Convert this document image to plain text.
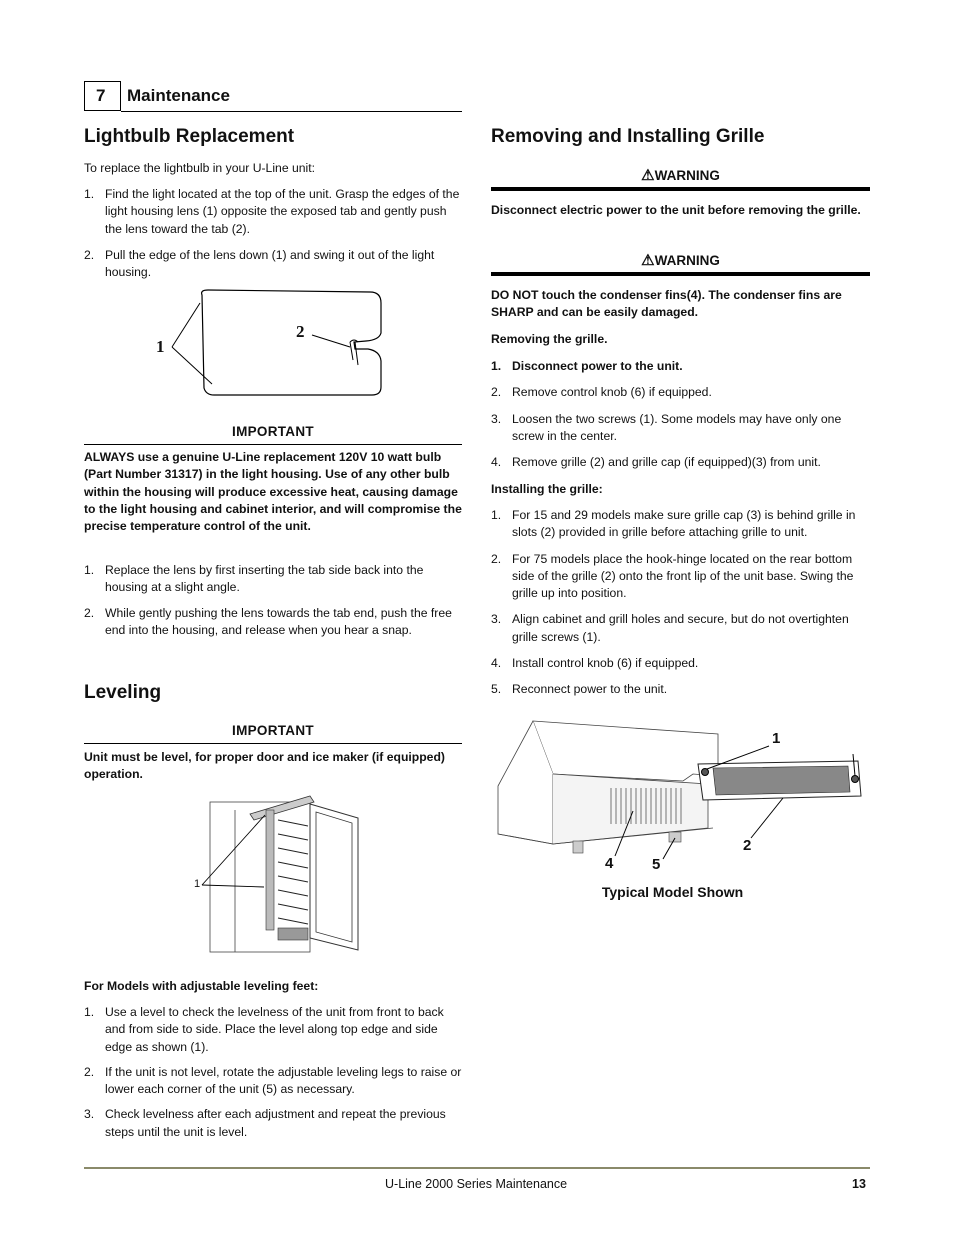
7 Maintenance
Lightbulb Replacement

To replace the lightbulb in your U-Line unit:

1. Find the light located at the top of the unit. Grasp the edges of the light housing lens (1) opposite the exposed tab and gently push the lens toward the tab (2).
2. Pull the edge of the lens down (1) and swing it out of the light housing.
1
2
IMPORTANT

ALWAYS use a genuine U-Line replacement 120V 10 watt bulb (Part Number 31317) in the light housing. Use of any other bulb within the housing will produce excessive heat, causing damage to the light housing and cabinet interior, and will compromise the precise temperature control of the unit.

1. Replace the lens by first inserting the tab side back into the housing at a slight angle.
2. While gently pushing the lens towards the tab end, push the free end into the housing, and release when you hear a snap.
Leveling
IMPORTANT

Unit must be level, for proper door and ice maker (if equipped) operation.

1

For Models with adjustable leveling feet:

1. Use a level to check the levelness of the unit from front to back and from side to side. Place the level along top edge and side edge as shown (1).
2. If the unit is not level, rotate the adjustable leveling legs to raise or lower each corner of the unit (5) as necessary.
3. Check levelness after each adjustment and repeat the previous steps until the unit is level.
Removing and Installing Grille
⚠WARNING

Disconnect electric power to the unit before removing the grille.

⚠WARNING

DO NOT touch the condenser fins(4). The condenser fins are SHARP and can be easily damaged.

Removing the grille.

1. Disconnect power to the unit.
2. Remove control knob (6) if equipped.
3. Loosen the two screws (1). Some models may have only one screw in the center.
4. Remove grille (2) and grille cap (if equipped)(3) from unit.

Installing the grille:

1. For 15 and 29 models make sure grille cap (3) is behind grille in slots (2) provided in grille before attaching grille to unit.
2. For 75 models place the hook-hinge located on the rear bottom side of the grille (2) onto the front lip of the unit base. Swing the grille up into position.
3. Align cabinet and grill holes and secure, but do not overtighten grille screws (1).
4. Install control knob (6) if equipped.
5. Reconnect power to the unit.
1
2
4	5
Typical Model Shown
U-Line 2000 Series Maintenance	13
